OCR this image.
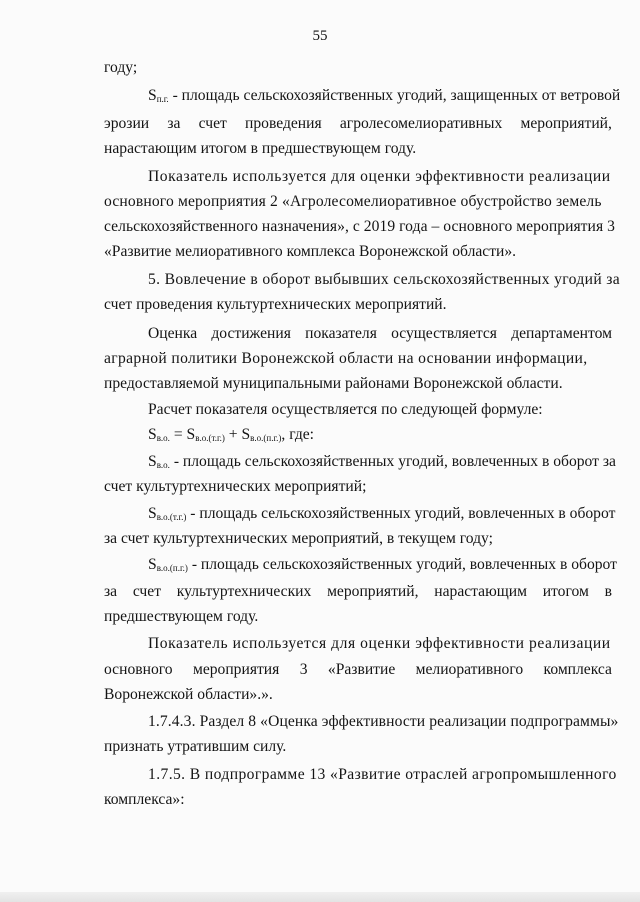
55
году;
$S_{п.г.}$ - площадь сельскохозяйственных угодий, защищенных от ветровой
эрозии за счет проведения агролесомелиоративных мероприятий,
нарастающим итогом в предшествующем году.
Показатель используется для оценки эффективности реализации
основного мероприятия 2 «Агролесомелиоративное обустройство земель
сельскохозяйственного назначения», с 2019 года – основного мероприятия 3
«Развитие мелиоративного комплекса Воронежской области».
5. Вовлечение в оборот выбывших сельскохозяйственных угодий за
счет проведения культуртехнических мероприятий.
Оценка достижения показателя осуществляется департаментом
аграрной политики Воронежской области на основании информации,
предоставляемой муниципальными районами Воронежской области.
Расчет показателя осуществляется по следующей формуле:
$S_{в.о.} = S_{в.о.(т.г.)} + S_{в.о.(п.г.)}$, где:
$S_{в.о.}$ - площадь сельскохозяйственных угодий, вовлеченных в оборот за
счет культуртехнических мероприятий;
$S_{в.о.(т.г.)}$ - площадь сельскохозяйственных угодий, вовлеченных в оборот
за счет культуртехнических мероприятий, в текущем году;
$S_{в.о.(п.г.)}$ - площадь сельскохозяйственных угодий, вовлеченных в оборот
за счет культуртехнических мероприятий, нарастающим итогом в
предшествующем году.
Показатель используется для оценки эффективности реализации
основного мероприятия 3 «Развитие мелиоративного комплекса
Воронежской области».».
1.7.4.3. Раздел 8 «Оценка эффективности реализации подпрограммы»
признать утратившим силу.
1.7.5. В подпрограмме 13 «Развитие отраслей агропромышленного
комплекса»:
